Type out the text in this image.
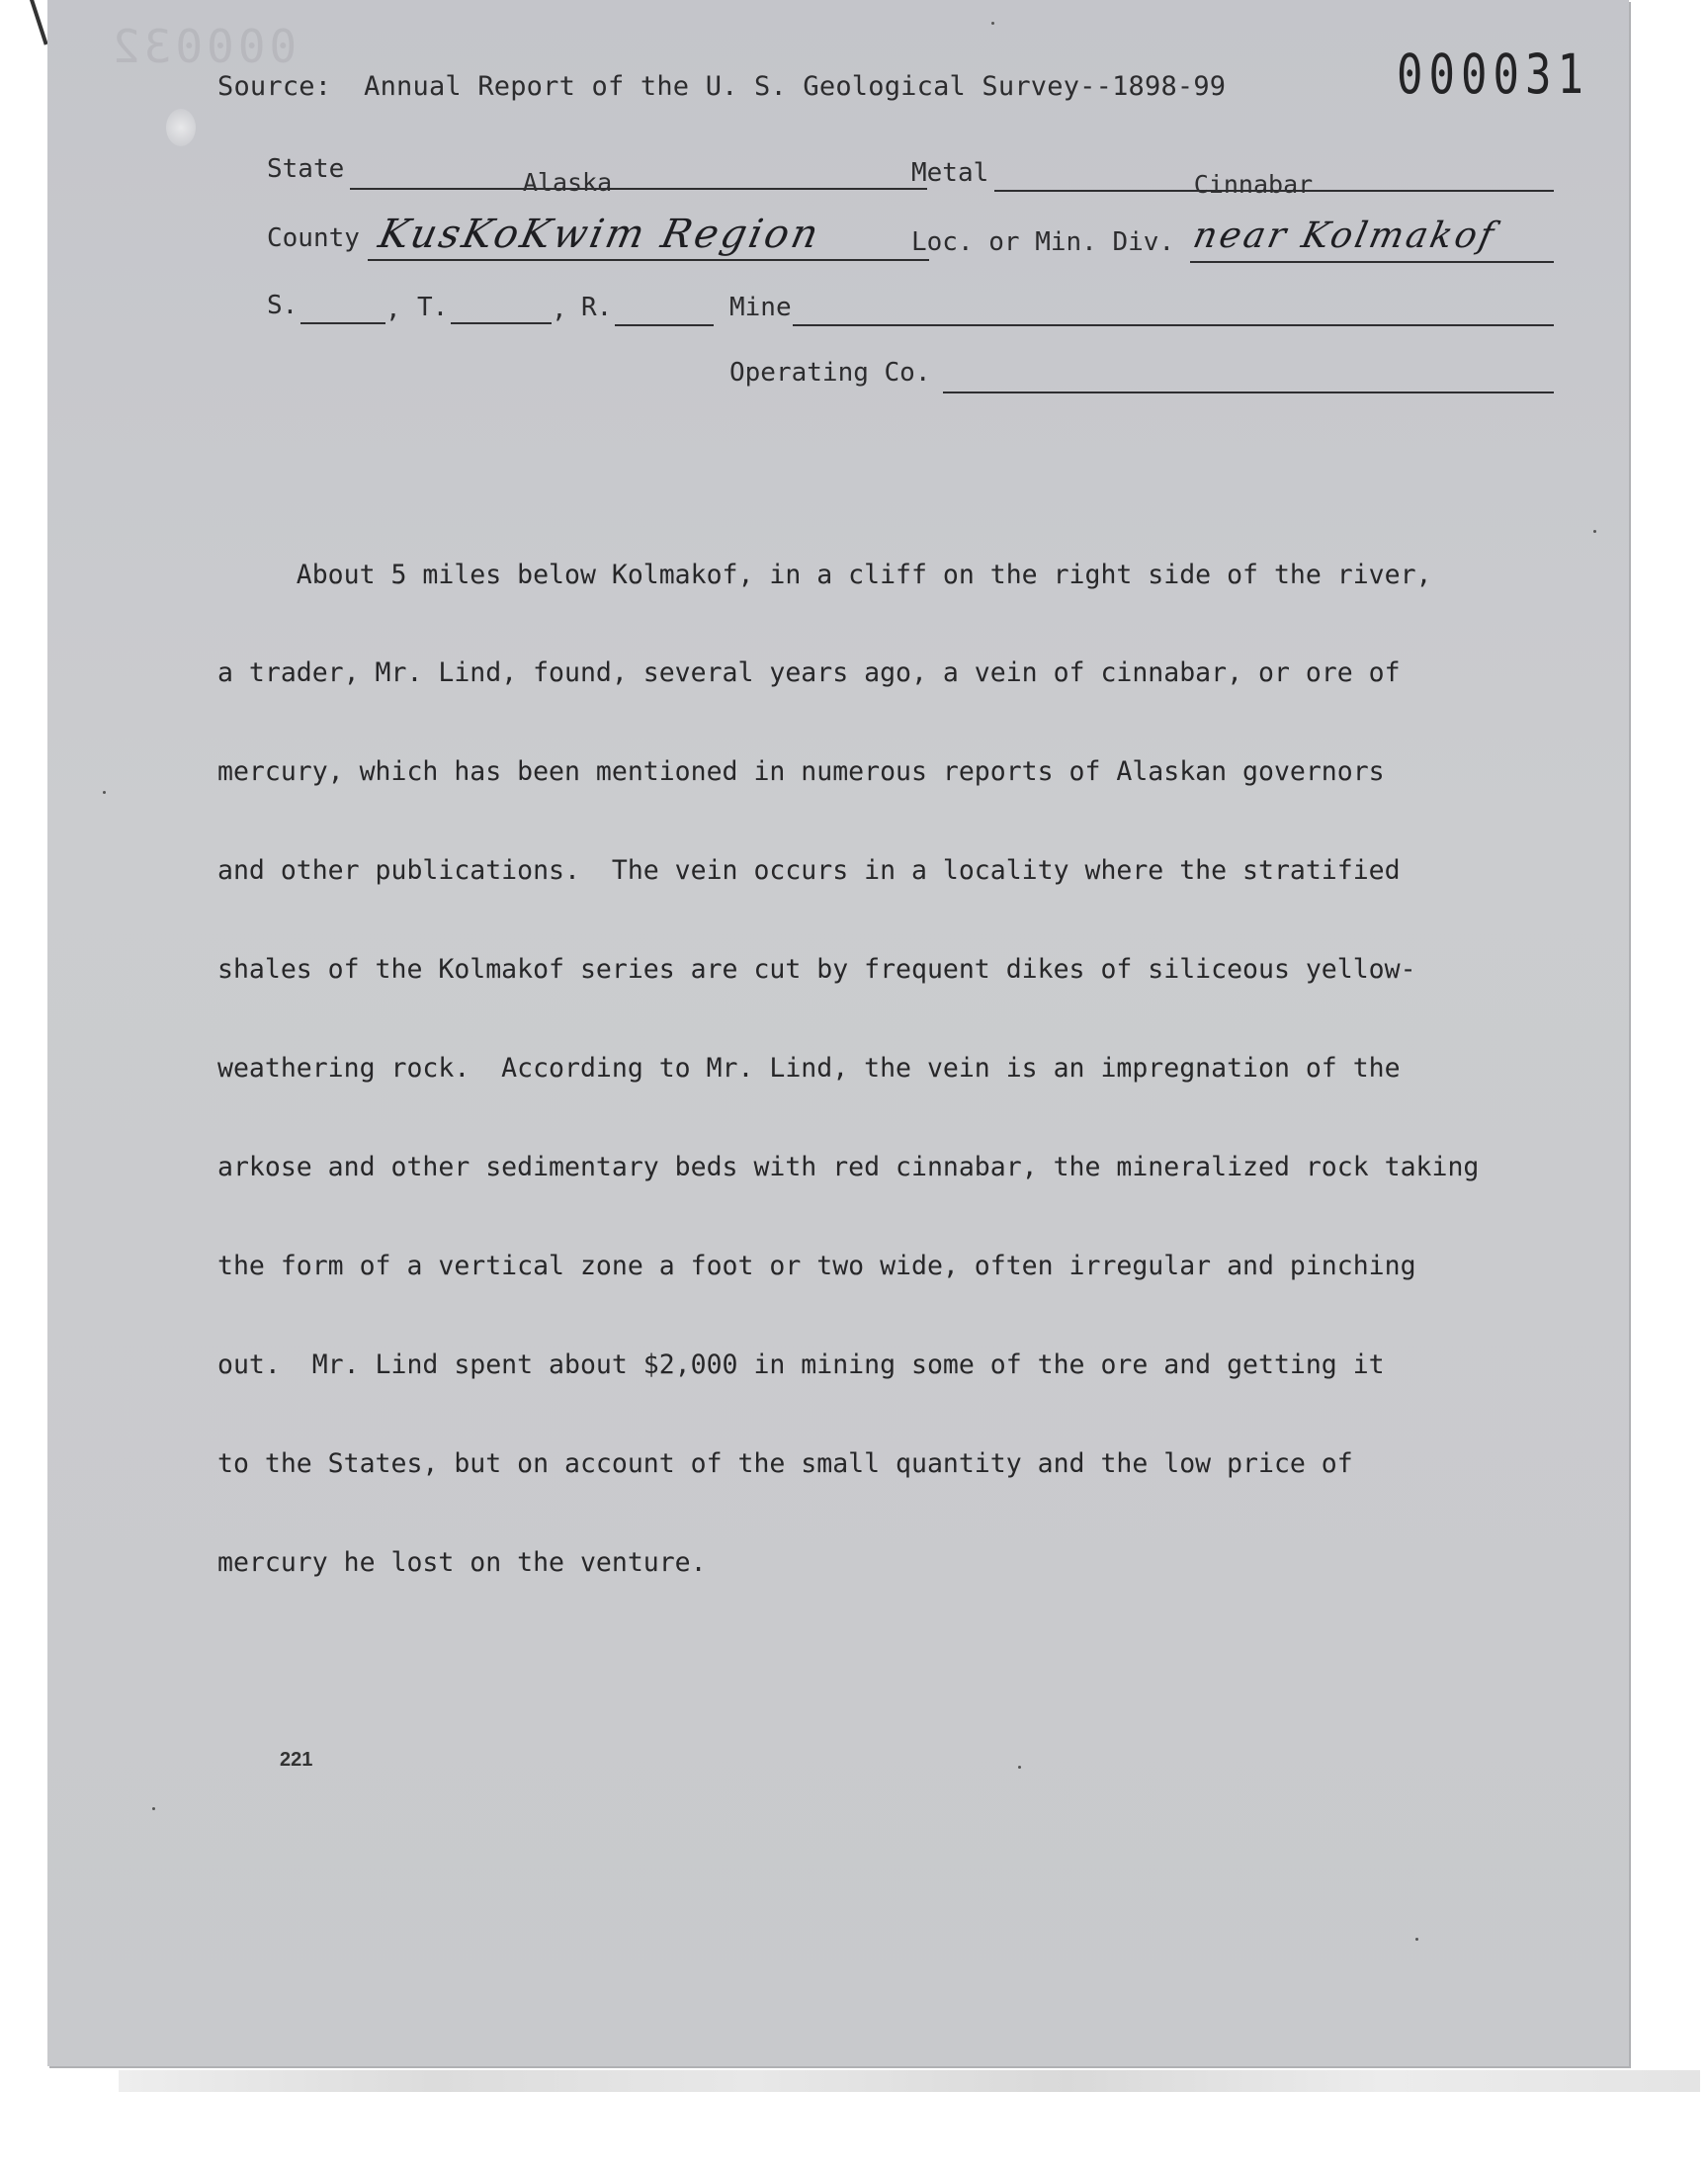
000032
Source: Annual Report of the U. S. Geological Survey--1898-99	000031
State	Alaska	Metal	Cinnabar
County KusKoKwim Region	Loc. or Min. Div. near Kolmakof
S.	, T.	, R.	Mine
Operating Co.

About 5 miles below Kolmakof, in a cliff on the right side of the river,

a trader, Mr. Lind, found, several years ago, a vein of cinnabar, or ore of

mercury, which has been mentioned in numerous reports of Alaskan governors

and other publications.  The vein occurs in a locality where the stratified

shales of the Kolmakof series are cut by frequent dikes of siliceous yellow-

weathering rock.  According to Mr. Lind, the vein is an impregnation of the

arkose and other sedimentary beds with red cinnabar, the mineralized rock taking

the form of a vertical zone a foot or two wide, often irregular and pinching

out.  Mr. Lind spent about $2,000 in mining some of the ore and getting it

to the States, but on account of the small quantity and the low price of

mercury he lost on the venture.

221
